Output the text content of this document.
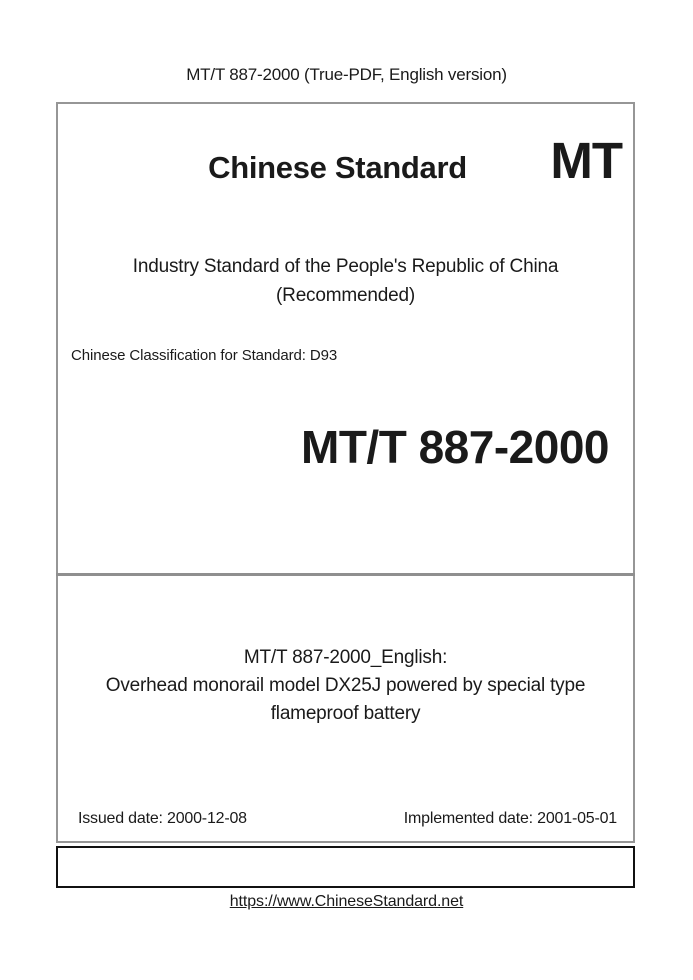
MT/T 887-2000 (True-PDF, English version)
Chinese Standard	MT
Industry Standard of the People's Republic of China
(Recommended)
Chinese Classification for Standard: D93
MT/T 887-2000
MT/T 887-2000_English:
Overhead monorail model DX25J powered by special type flameproof battery
Issued date: 2000-12-08	Implemented date: 2001-05-01
https://www.ChineseStandard.net
